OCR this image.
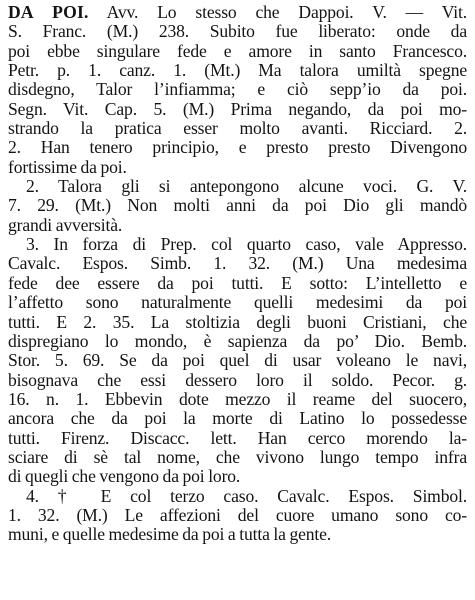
DA POI. Avv. Lo stesso che Dappoi. V. — Vit.
S. Franc. (M.) 238. Subito fue liberato: onde da
poi ebbe singulare fede e amore in santo Francesco.
Petr. p. 1. canz. 1. (Mt.) Ma talora umiltà spegne
disdegno, Talor l’infiamma; e ciò sepp’io da poi.
Segn. Vit. Cap. 5. (M.) Prima negando, da poi mo-
strando la pratica esser molto avanti. Ricciard. 2.
2. Han tenero principio, e presto presto Divengono
fortissime da poi.
2. Talora gli si antepongono alcune voci. G. V.
7. 29. (Mt.) Non molti anni da poi Dio gli mandò
grandi avversità.
3. In forza di Prep. col quarto caso, vale Appresso.
Cavalc. Espos. Simb. 1. 32. (M.) Una medesima
fede dee essere da poi tutti. E sotto: L’intelletto e
l’affetto sono naturalmente quelli medesimi da poi
tutti. E 2. 35. La stoltizia degli buoni Cristiani, che
dispregiano lo mondo, è sapienza da po’ Dio. Bemb.
Stor. 5. 69. Se da poi quel di usar voleano le navi,
bisognava che essi dessero loro il soldo. Pecor. g.
16. n. 1. Ebbevin dote mezzo il reame del suocero,
ancora che da poi la morte di Latino lo possedesse
tutti. Firenz. Discacc. lett. Han cerco morendo la-
sciare di sè tal nome, che vivono lungo tempo infra
di quegli che vengono da poi loro.
4. † E col terzo caso. Cavalc. Espos. Simbol.
1. 32. (M.) Le affezioni del cuore umano sono co-
muni, e quelle medesime da poi a tutta la gente.
